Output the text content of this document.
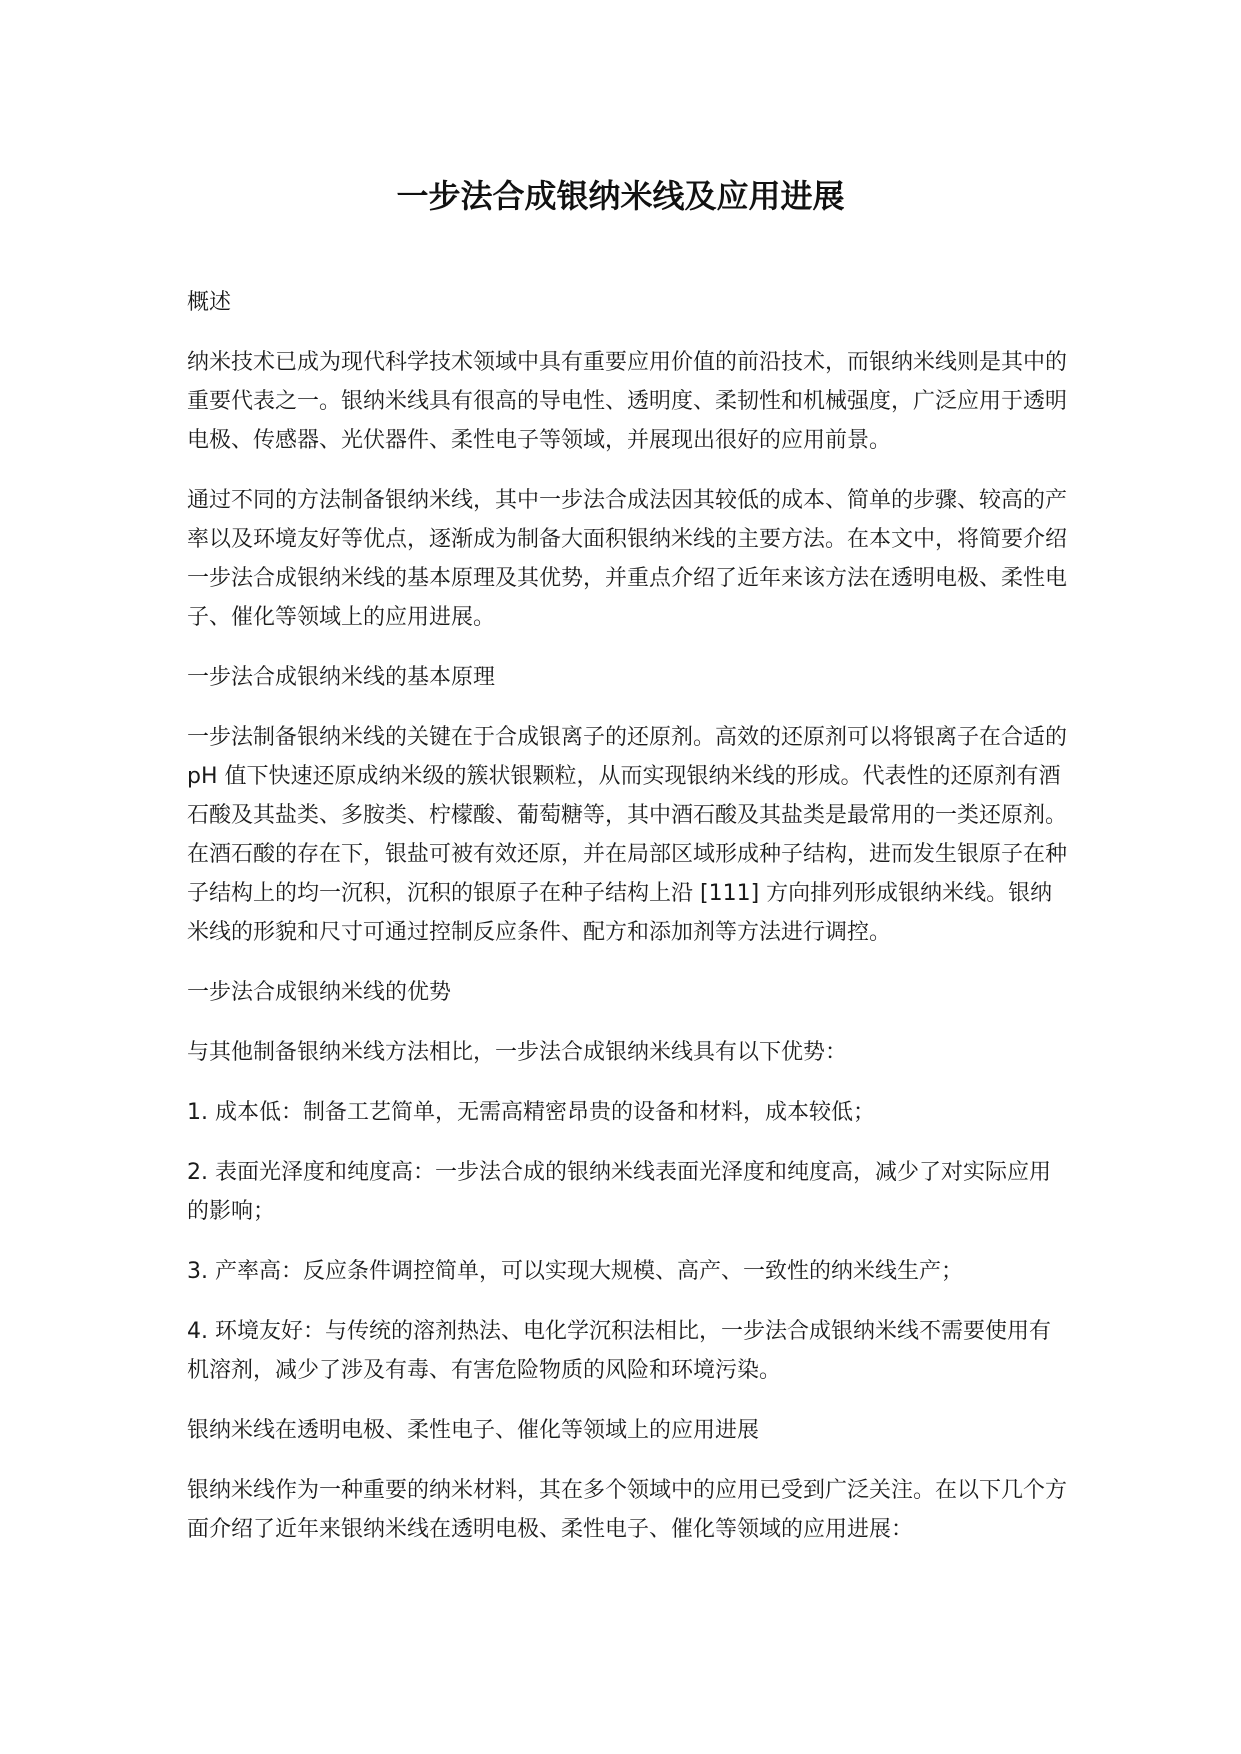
一步法合成银纳米线及应用进展

概述

纳米技术已成为现代科学技术领域中具有重要应用价值的前沿技术，而银纳米线则是其中的重要代表之一。银纳米线具有很高的导电性、透明度、柔韧性和机械强度，广泛应用于透明电极、传感器、光伏器件、柔性电子等领域，并展现出很好的应用前景。

通过不同的方法制备银纳米线，其中一步法合成法因其较低的成本、简单的步骤、较高的产率以及环境友好等优点，逐渐成为制备大面积银纳米线的主要方法。在本文中，将简要介绍一步法合成银纳米线的基本原理及其优势，并重点介绍了近年来该方法在透明电极、柔性电子、催化等领域上的应用进展。

一步法合成银纳米线的基本原理

一步法制备银纳米线的关键在于合成银离子的还原剂。高效的还原剂可以将银离子在合适的 pH 值下快速还原成纳米级的簇状银颗粒，从而实现银纳米线的形成。代表性的还原剂有酒石酸及其盐类、多胺类、柠檬酸、葡萄糖等，其中酒石酸及其盐类是最常用的一类还原剂。在酒石酸的存在下，银盐可被有效还原，并在局部区域形成种子结构，进而发生银原子在种子结构上的均一沉积，沉积的银原子在种子结构上沿 [111] 方向排列形成银纳米线。银纳米线的形貌和尺寸可通过控制反应条件、配方和添加剂等方法进行调控。

一步法合成银纳米线的优势

与其他制备银纳米线方法相比，一步法合成银纳米线具有以下优势：

1. 成本低：制备工艺简单，无需高精密昂贵的设备和材料，成本较低；

2. 表面光泽度和纯度高：一步法合成的银纳米线表面光泽度和纯度高，减少了对实际应用的影响；

3. 产率高：反应条件调控简单，可以实现大规模、高产、一致性的纳米线生产；

4. 环境友好：与传统的溶剂热法、电化学沉积法相比，一步法合成银纳米线不需要使用有机溶剂，减少了涉及有毒、有害危险物质的风险和环境污染。

银纳米线在透明电极、柔性电子、催化等领域上的应用进展

银纳米线作为一种重要的纳米材料，其在多个领域中的应用已受到广泛关注。在以下几个方面介绍了近年来银纳米线在透明电极、柔性电子、催化等领域的应用进展：
